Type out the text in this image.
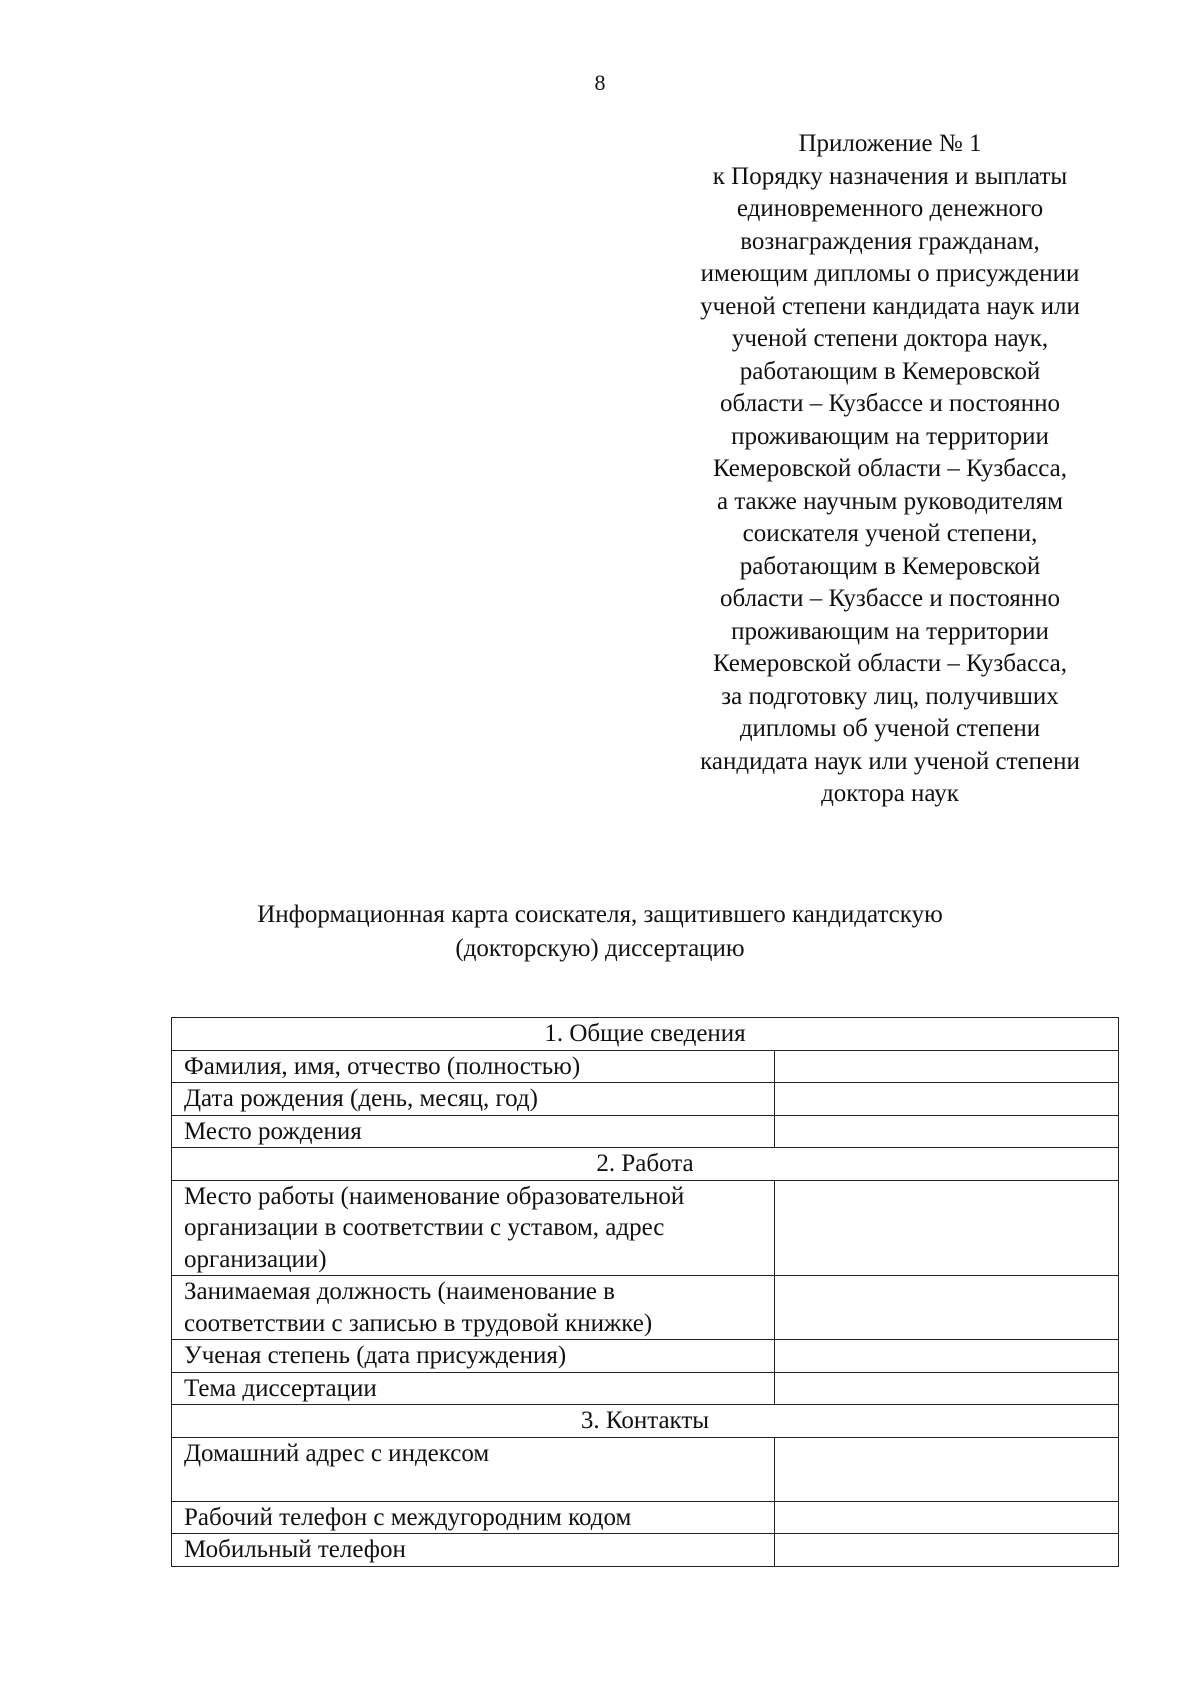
8
Приложение № 1
к Порядку назначения и выплаты
единовременного денежного
вознаграждения гражданам,
имеющим дипломы о присуждении
ученой степени кандидата наук или
ученой степени доктора наук,
работающим в Кемеровской
области – Кузбассе и постоянно
проживающим на территории
Кемеровской области – Кузбасса,
а также научным руководителям
соискателя ученой степени,
работающим в Кемеровской
области – Кузбассе и постоянно
проживающим на территории
Кемеровской области – Кузбасса,
за подготовку лиц, получивших
дипломы об ученой степени
кандидата наук или ученой степени
доктора наук
Информационная карта соискателя, защитившего кандидатскую
(докторскую) диссертацию
1. Общие сведения	
Фамилия, имя, отчество (полностью)	
Дата рождения (день, месяц, год)	
Место рождения	
2. Работа	

Место работы (наименование образовательной
организации в соответствии с уставом, адрес
организации)	

Занимаемая должность (наименование в
соответствии с записью в трудовой книжке)	

Ученая степень (дата присуждения)	
Тема диссертации	
3. Контакты	
Домашний адрес с индексом	
Рабочий телефон с междугородним кодом	
Мобильный телефон	
